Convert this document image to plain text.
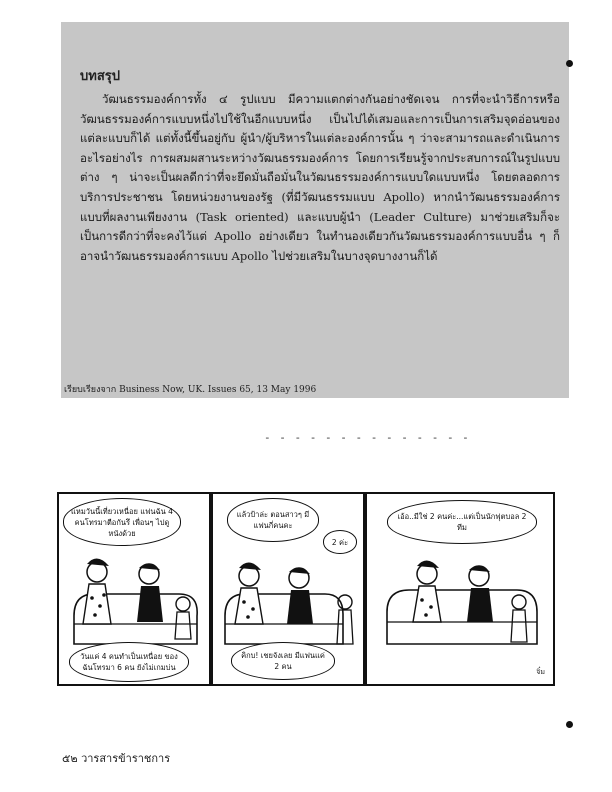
บทสรุป
วัฒนธรรมองค์การทั้ง ๔ รูปแบบ มีความแตกต่างกันอย่างชัดเจน การที่จะนำวิธีการหรือวัฒนธรรมองค์การแบบหนึ่งไปใช้ในอีกแบบหนึ่ง เป็นไปได้เสมอและการเป็นการเสริมจุดอ่อนของแต่ละแบบก็ได้ แต่ทั้งนี้ขึ้นอยู่กับ ผู้นำ/ผู้บริหารในแต่ละองค์การนั้น ๆ ว่าจะสามารถและดำเนินการอะไรอย่างไร การผสมผสานระหว่างวัฒนธรรมองค์การ โดยการเรียนรู้จากประสบการณ์ในรูปแบบต่าง ๆ น่าจะเป็นผลดีกว่าที่จะยึดมั่นถือมั่นในวัฒนธรรมองค์การแบบใดแบบหนึ่ง โดยตลอดการบริการประชาชน โดยหน่วยงานของรัฐ (ที่มีวัฒนธรรมแบบ Apollo) หากนำวัฒนธรรมองค์การแบบที่ผลงานเพียงงาน (Task oriented) และแบบผู้นำ (Leader Culture) มาช่วยเสริมก็จะเป็นการดีกว่าที่จะคงไว้แต่ Apollo อย่างเดียว ในทำนองเดียวกันวัฒนธรรมองค์การแบบอื่น ๆ ก็อาจนำวัฒนธรรมองค์การแบบ Apollo ไปช่วยเสริมในบางจุดบางงานก็ได้
เรียบเรียงจาก Business Now, UK. Issues 65, 13 May 1996
- - - - - - - - - - - - - -
แหมวันนี้เที่ยวเหนื่อย แฟนฉัน 4 คนโทรมาตือกันรึ เพื่อนๆ ไปดูหนังด้วย
วันแค่ 4 คนทำเป็นเหนื่อย ของฉันโทรมา 6 คน ยังไม่เกมบ่น
แล้วป้าล่ะ ตอนสาวๆ มีแฟนกี่คนคะ
2 ค่ะ
คิกบ! เชยจังเลย มีแฟนแค่ 2 คน
เอ้อ..มีใช่ 2 คนค่ะ...แต่เป็นนักฟุตบอล 2 ทีม
จิ๋ม
๕๒ วารสารข้าราชการ
